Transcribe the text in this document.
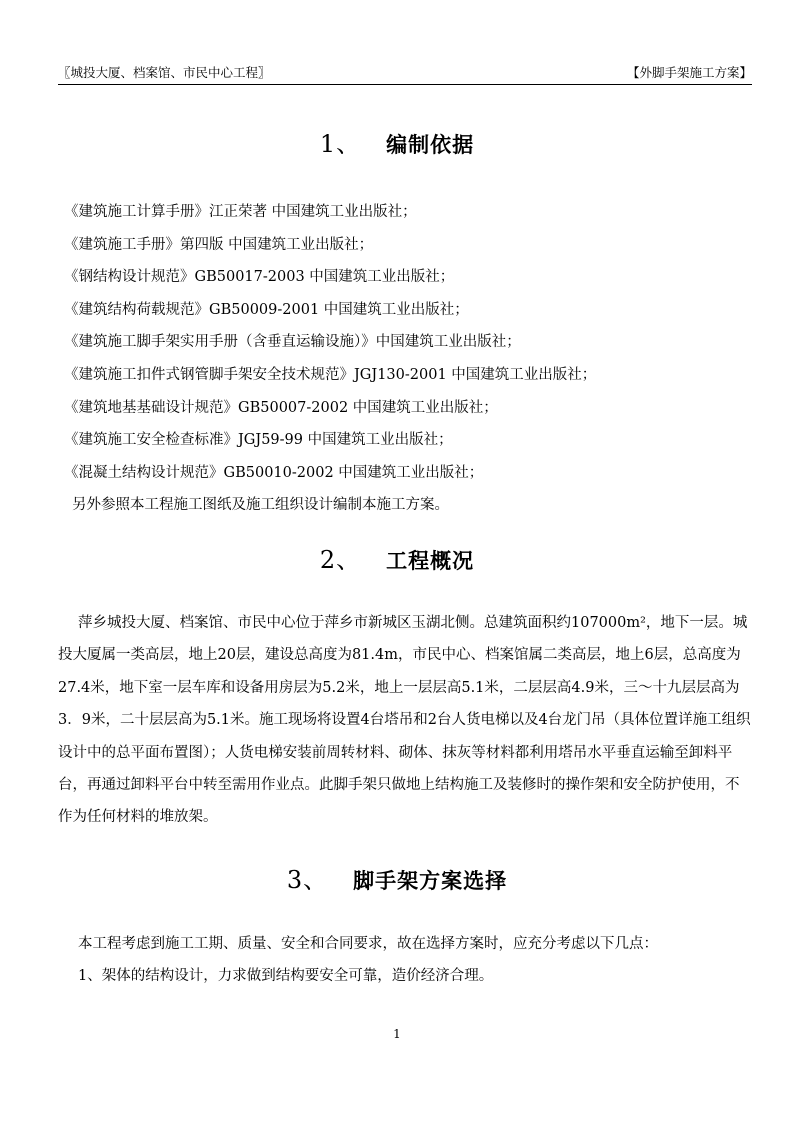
〖城投大厦、档案馆、市民中心工程〗	【外脚手架施工方案】
1、 编制依据
《建筑施工计算手册》江正荣著 中国建筑工业出版社；
《建筑施工手册》第四版 中国建筑工业出版社；
《钢结构设计规范》GB50017-2003 中国建筑工业出版社；
《建筑结构荷载规范》GB50009-2001 中国建筑工业出版社；
《建筑施工脚手架实用手册（含垂直运输设施）》中国建筑工业出版社；
《建筑施工扣件式钢管脚手架安全技术规范》JGJ130-2001 中国建筑工业出版社；
《建筑地基基础设计规范》GB50007-2002 中国建筑工业出版社；
《建筑施工安全检查标准》JGJ59-99 中国建筑工业出版社；
《混凝土结构设计规范》GB50010-2002 中国建筑工业出版社；
另外参照本工程施工图纸及施工组织设计编制本施工方案。
2、 工程概况

萍乡城投大厦、档案馆、市民中心位于萍乡市新城区玉湖北侧。总建筑面积约107000m²，地下一层。城投大厦属一类高层，地上20层，建设总高度为81.4m，市民中心、档案馆属二类高层，地上6层，总高度为27.4米，地下室一层车库和设备用房层为5.2米，地上一层层高5.1米，二层层高4.9米，三～十九层层高为3．9米，二十层层高为5.1米。施工现场将设置4台塔吊和2台人货电梯以及4台龙门吊（具体位置详施工组织设计中的总平面布置图）；人货电梯安装前周转材料、砌体、抹灰等材料都利用塔吊水平垂直运输至卸料平台，再通过卸料平台中转至需用作业点。此脚手架只做地上结构施工及装修时的操作架和安全防护使用，不作为任何材料的堆放架。

3、 脚手架方案选择

本工程考虑到施工工期、质量、安全和合同要求，故在选择方案时，应充分考虑以下几点：

1、架体的结构设计，力求做到结构要安全可靠，造价经济合理。

1
